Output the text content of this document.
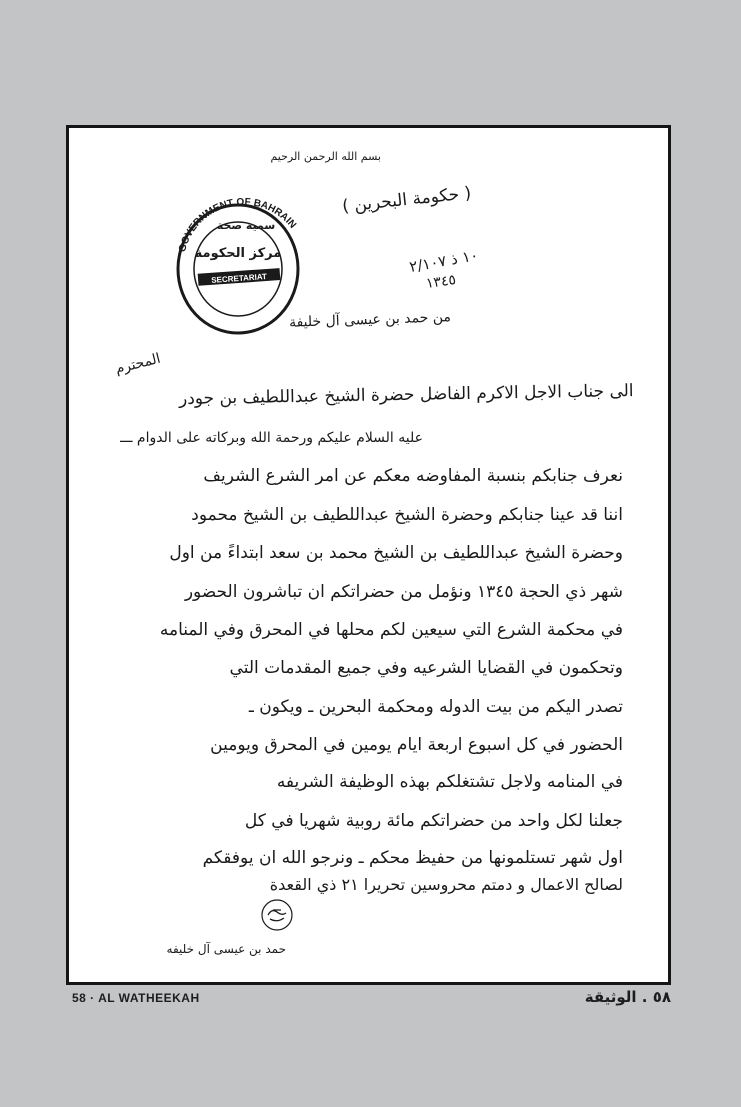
بسم الله الرحمن الرحيم
( حكومة البحرين )
١٠ ذ ٢/١٠٧
١٣٤٥
من حمد بن عيسى آل خليفة
المحترم
الى جناب الاجل الاكرم الفاضل حضرة الشيخ عبداللطيف بن جودر
عليه السلام عليكم ورحمة الله وبركاته على الدوام ـــ
نعرف جنابكم بنسبة المفاوضه معكم عن امر الشرع الشريف
اننا قد عينا جنابكم وحضرة الشيخ عبداللطيف بن الشيخ محمود
وحضرة الشيخ عبداللطيف بن الشيخ محمد بن سعد ابتداءً من اول
شهر ذي الحجة ١٣٤٥ ونؤمل من حضراتكم ان تباشرون الحضور
في محكمة الشرع التي سيعين لكم محلها في المحرق وفي المنامه
وتحكمون في القضايا الشرعيه وفي جميع المقدمات التي
تصدر اليكم من بيت الدوله ومحكمة البحرين ـ ويكون ـ
الحضور في كل اسبوع اربعة ايام يومين في المحرق ويومين
في المنامه ولاجل تشتغلكم بهذه الوظيفة الشريفه
جعلنا لكل واحد من حضراتكم مائة روبية شهريا في كل
اول شهر تستلمونها من حفيظ محكم ـ ونرجو الله ان يوفقكم
لصالح الاعمال و دمتم محروسين تحريرا ٢١ ذي القعدة
سمية صحة
مركز الحكومة
SECRETARIAT
GOVERNMENT OF BAHRAIN
حمد بن عيسى آل خليفه
58 · AL WATHEEKAH	٥٨ . الوثيقة
